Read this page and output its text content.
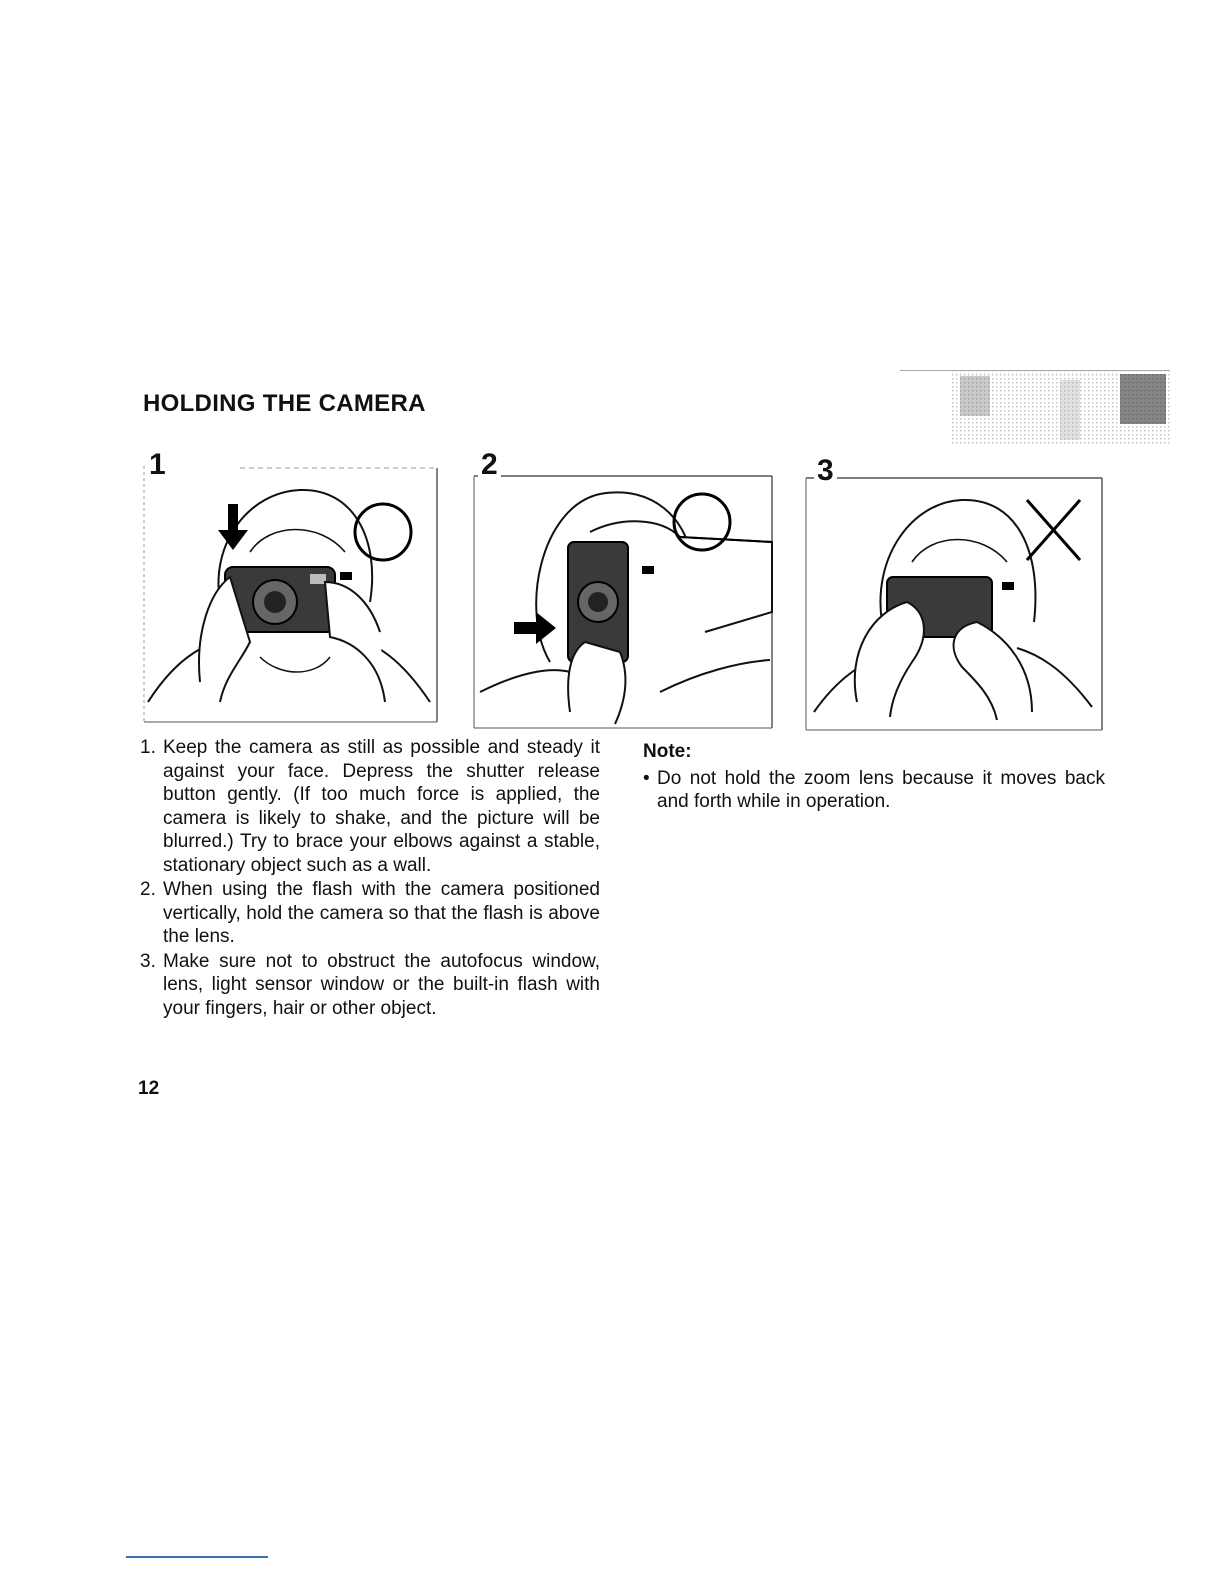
HOLDING THE CAMERA
1	2	3
1. Keep the camera as still as possible and steady it against your face. Depress the shutter release button gently. (If too much force is applied, the camera is likely to shake, and the picture will be blurred.) Try to brace your elbows against a stable, stationary object such as a wall.
2. When using the flash with the camera positioned vertically, hold the camera so that the flash is above the lens.
3. Make sure not to obstruct the autofocus window, lens, light sensor window or the built-in flash with your fingers, hair or other object.

Note:

• Do not hold the zoom lens because it moves back and forth while in operation.
12
